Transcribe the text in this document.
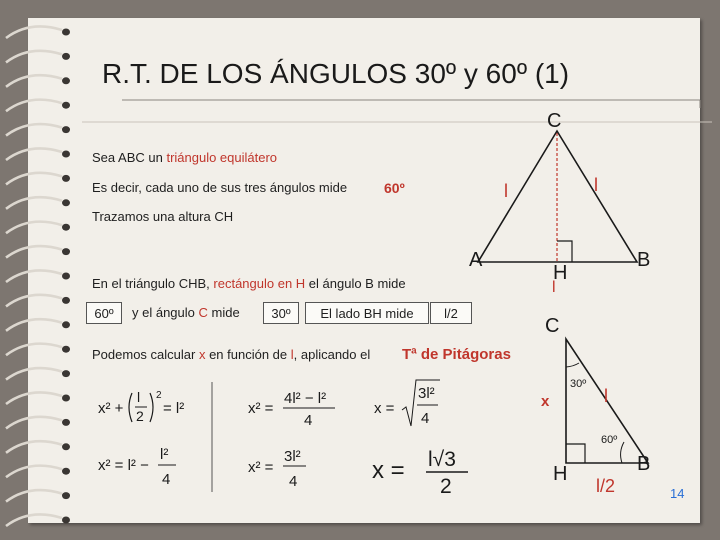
R.T. DE LOS ÁNGULOS 30º y 60º (1)
Sea ABC un triángulo equilátero
Es decir, cada uno de sus tres ángulos mide	60º
Trazamos una altura CH
En el triángulo CHB, rectángulo en H el ángulo B mide
60º	y el ángulo C mide	30º	El lado BH mide	l/2
Podemos calcular x en función de l, aplicando el Tª de Pitágoras
C
A	B
H
l	l
l
C
H	B
30º
60º
l
x
l/2
x² +
l
2
2
= l²	x² =
4l² − l²
4
x =
3l²
4
x² = l² −
l²
4
x² =
3l²
4	x = l√3
2	14
